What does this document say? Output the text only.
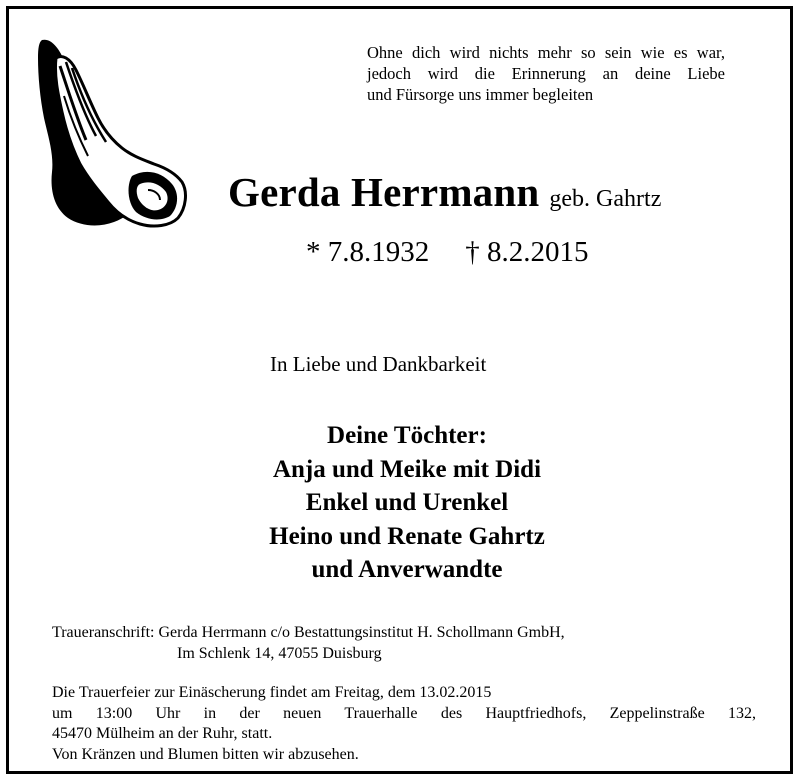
Ohne dich wird nichts mehr so sein wie es war,
jedoch wird die Erinnerung an deine Liebe
und Fürsorge uns immer begleiten
Gerda Herrmann geb. Gahrtz
* 7.8.1932 † 8.2.2015
In Liebe und Dankbarkeit
Deine Töchter:
Anja und Meike mit Didi
Enkel und Urenkel
Heino und Renate Gahrtz
und Anverwandte
Traueranschrift: Gerda Herrmann c/o Bestattungsinstitut H. Schollmann GmbH,
Im Schlenk 14, 47055 Duisburg
Die Trauerfeier zur Einäscherung findet am Freitag, dem 13.02.2015
um 13:00 Uhr in der neuen Trauerhalle des Hauptfriedhofs, Zeppelinstraße 132,
45470 Mülheim an der Ruhr, statt.
Von Kränzen und Blumen bitten wir abzusehen.
